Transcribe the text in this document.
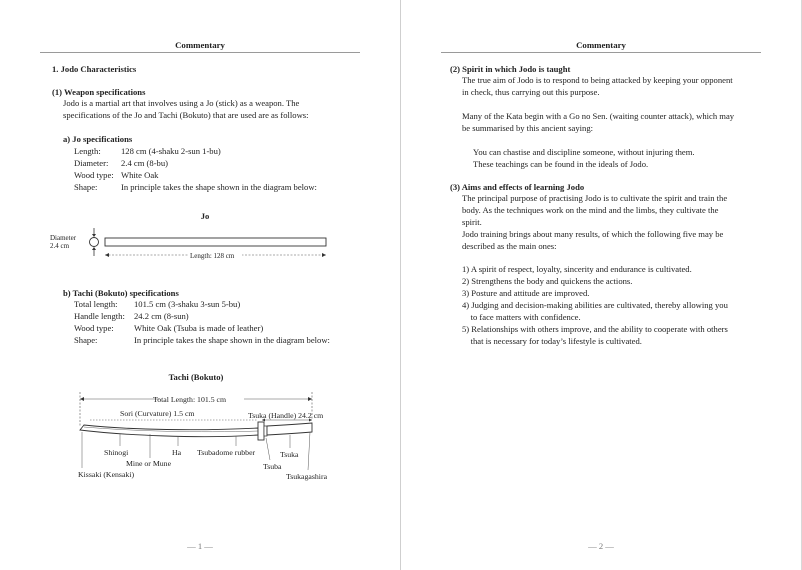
Commentary
1. Jodo Characteristics
(1) Weapon specifications
Jodo is a martial art that involves using a Jo (stick) as a weapon. The
specifications of the Jo and Tachi (Bokuto) that are used are as follows:
a) Jo specifications
Length: 128 cm (4-shaku 2-sun 1-bu)
Diameter: 2.4 cm (8-bu)
Wood type: White Oak
Shape:	In principle takes the shape shown in the diagram below:
Jo
Diameter
2.4 cm
Length: 128 cm
b) Tachi (Bokuto) specifications
Total length: 101.5 cm (3-shaku 3-sun 5-bu)
Handle length: 24.2 cm (8-sun)
Wood type: White Oak (Tsuba is made of leather)
Shape:	In principle takes the shape shown in the diagram below:
Tachi (Bokuto)
Total Length: 101.5 cm
Sori (Curvature) 1.5 cm	Tsuka (Handle) 24.2 cm
Shinogi	Ha Tsubadome rubber	Tsuka
Mine or Mune	Tsuba
Kissaki (Kensaki)	Tsukagashira
— 1 —
Commentary
(2) Spirit in which Jodo is taught
The true aim of Jodo is to respond to being attacked by keeping your opponent
in check, thus carrying out this purpose.
Many of the Kata begin with a Go no Sen. (waiting counter attack), which may
be summarised by this ancient saying:
You can chastise and discipline someone, without injuring them.
These teachings can be found in the ideals of Jodo.
(3) Aims and effects of learning Jodo
The principal purpose of practising Jodo is to cultivate the spirit and train the
body. As the techniques work on the mind and the limbs, they cultivate the
spirit.
Jodo training brings about many results, of which the following five may be
described as the main ones:
1) A spirit of respect, loyalty, sincerity and endurance is cultivated.
2) Strengthens the body and quickens the actions.
3) Posture and attitude are improved.
4) Judging and decision-making abilities are cultivated, thereby allowing you
to face matters with confidence.
5) Relationships with others improve, and the ability to cooperate with others
that is necessary for today’s lifestyle is cultivated.
— 2 —
